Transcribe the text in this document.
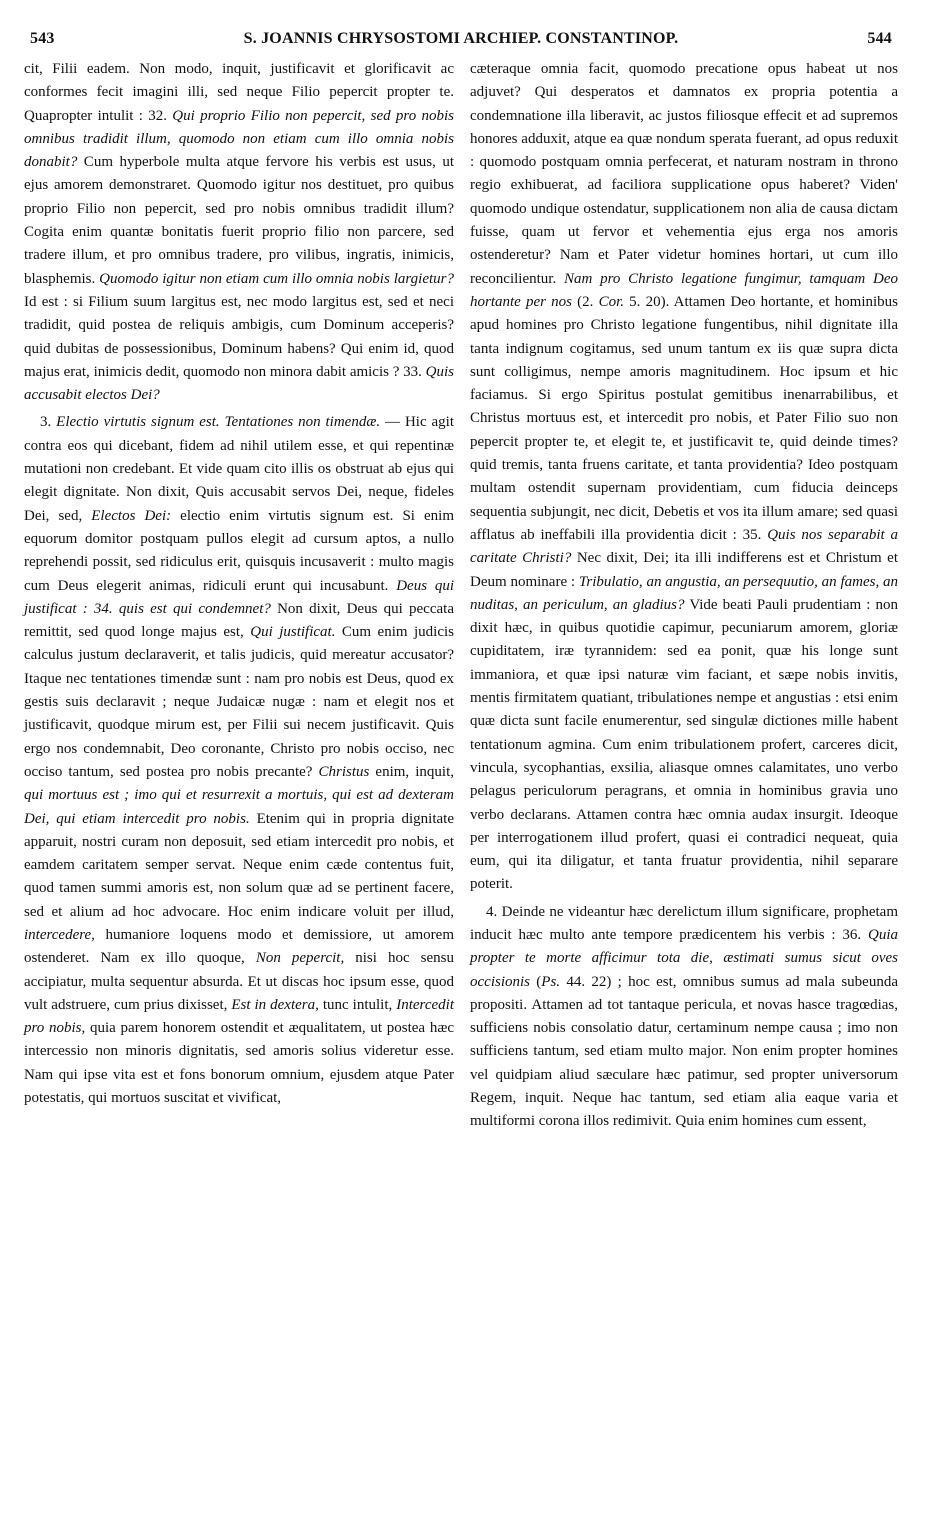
543	S. JOANNIS CHRYSOSTOMI ARCHIEP. CONSTANTINOP.	544

cit, Filii eadem. Non modo, inquit, justificavit et glorificavit ac conformes fecit imagini illi, sed neque Filio pepercit propter te. Quapropter intulit : 32. Qui proprio Filio non pepercit, sed pro nobis omnibus tradidit illum, quomodo non etiam cum illo omnia nobis donabit? Cum hyperbole multa atque fervore his verbis est usus, ut ejus amorem demonstraret. Quomodo igitur nos destituet, pro quibus proprio Filio non pepercit, sed pro nobis omnibus tradidit illum? Cogita enim quantæ bonitatis fuerit proprio filio non parcere, sed tradere illum, et pro omnibus tradere, pro vilibus, ingratis, inimicis, blasphemis. Quomodo igitur non etiam cum illo omnia nobis largietur? Id est : si Filium suum largitus est, nec modo largitus est, sed et neci tradidit, quid postea de reliquis ambigis, cum Dominum acceperis? quid dubitas de possessionibus, Dominum habens? Qui enim id, quod majus erat, inimicis dedit, quomodo non minora dabit amicis ? 33. Quis accusabit electos Dei?

3. Electio virtutis signum est. Tentationes non timendæ. — Hic agit contra eos qui dicebant, fidem ad nihil utilem esse, et qui repentinæ mutationi non credebant. Et vide quam cito illis os obstruat ab ejus qui elegit dignitate. Non dixit, Quis accusabit servos Dei, neque, fideles Dei, sed, Electos Dei: electio enim virtutis signum est. Si enim equorum domitor postquam pullos elegit ad cursum aptos, a nullo reprehendi possit, sed ridiculus erit, quisquis incusaverit : multo magis cum Deus elegerit animas, ridiculi erunt qui incusabunt. Deus qui justificat : 34. quis est qui condemnet? Non dixit, Deus qui peccata remittit, sed quod longe majus est, Qui justificat. Cum enim judicis calculus justum declaraverit, et talis judicis, quid mereatur accusator? Itaque nec tentationes timendæ sunt : nam pro nobis est Deus, quod ex gestis suis declaravit ; neque Judaicæ nugæ : nam et elegit nos et justificavit, quodque mirum est, per Filii sui necem justificavit. Quis ergo nos condemnabit, Deo coronante, Christo pro nobis occiso, nec occiso tantum, sed postea pro nobis precante? Christus enim, inquit, qui mortuus est ; imo qui et resurrexit a mortuis, qui est ad dexteram Dei, qui etiam intercedit pro nobis. Etenim qui in propria dignitate apparuit, nostri curam non deposuit, sed etiam intercedit pro nobis, et eamdem caritatem semper servat. Neque enim cæde contentus fuit, quod tamen summi amoris est, non solum quæ ad se pertinent facere, sed et alium ad hoc advocare. Hoc enim indicare voluit per illud, intercedere, humaniore loquens modo et demissiore, ut amorem ostenderet. Nam ex illo quoque, Non pepercit, nisi hoc sensu accipiatur, multa sequentur absurda. Et ut discas hoc ipsum esse, quod vult adstruere, cum prius dixisset, Est in dextera, tunc intulit, Intercedit pro nobis, quia parem honorem ostendit et æqualitatem, ut postea hæc intercessio non minoris dignitatis, sed amoris solius videretur esse. Nam qui ipse vita est et fons bonorum omnium, ejusdem atque Pater potestatis, qui mortuos suscitat et vivificat,

cæteraque omnia facit, quomodo precatione opus habeat ut nos adjuvet? Qui desperatos et damnatos ex propria potentia a condemnatione illa liberavit, ac justos filiosque effecit et ad supremos honores adduxit, atque ea quæ nondum sperata fuerant, ad opus reduxit : quomodo postquam omnia perfecerat, et naturam nostram in throno regio exhibuerat, ad faciliora supplicatione opus haberet? Viden' quomodo undique ostendatur, supplicationem non alia de causa dictam fuisse, quam ut fervor et vehementia ejus erga nos amoris ostenderetur? Nam et Pater videtur homines hortari, ut cum illo reconcilientur. Nam pro Christo legatione fungimur, tamquam Deo hortante per nos (2. Cor. 5. 20). Attamen Deo hortante, et hominibus apud homines pro Christo legatione fungentibus, nihil dignitate illa tanta indignum cogitamus, sed unum tantum ex iis quæ supra dicta sunt colligimus, nempe amoris magnitudinem. Hoc ipsum et hic faciamus. Si ergo Spiritus postulat gemitibus inenarrabilibus, et Christus mortuus est, et intercedit pro nobis, et Pater Filio suo non pepercit propter te, et elegit te, et justificavit te, quid deinde times? quid tremis, tanta fruens caritate, et tanta providentia? Ideo postquam multam ostendit supernam providentiam, cum fiducia deinceps sequentia subjungit, nec dicit, Debetis et vos ita illum amare; sed quasi afflatus ab ineffabili illa providentia dicit : 35. Quis nos separabit a caritate Christi? Nec dixit, Dei; ita illi indifferens est et Christum et Deum nominare : Tribulatio, an angustia, an persequutio, an fames, an nuditas, an periculum, an gladius? Vide beati Pauli prudentiam : non dixit hæc, in quibus quotidie capimur, pecuniarum amorem, gloriæ cupiditatem, iræ tyrannidem: sed ea ponit, quæ his longe sunt immaniora, et quæ ipsi naturæ vim faciant, et sæpe nobis invitis, mentis firmitatem quatiant, tribulationes nempe et angustias : etsi enim quæ dicta sunt facile enumerentur, sed singulæ dictiones mille habent tentationum agmina. Cum enim tribulationem profert, carceres dicit, vincula, sycophantias, exsilia, aliasque omnes calamitates, uno verbo pelagus periculorum peragrans, et omnia in hominibus gravia uno verbo declarans. Attamen contra hæc omnia audax insurgit. Ideoque per interrogationem illud profert, quasi ei contradici nequeat, quia eum, qui ita diligatur, et tanta fruatur providentia, nihil separare poterit.

4. Deinde ne videantur hæc derelictum illum significare, prophetam inducit hæc multo ante tempore prædicentem his verbis : 36. Quia propter te morte afficimur tota die, æstimati sumus sicut oves occisionis (Ps. 44. 22) ; hoc est, omnibus sumus ad mala subeunda propositi. Attamen ad tot tantaque pericula, et novas hasce tragœdias, sufficiens nobis consolatio datur, certaminum nempe causa ; imo non sufficiens tantum, sed etiam multo major. Non enim propter homines vel quidpiam aliud sæculare hæc patimur, sed propter universorum Regem, inquit. Neque hac tantum, sed etiam alia eaque varia et multiformi corona illos redimivit. Quia enim homines cum essent,
